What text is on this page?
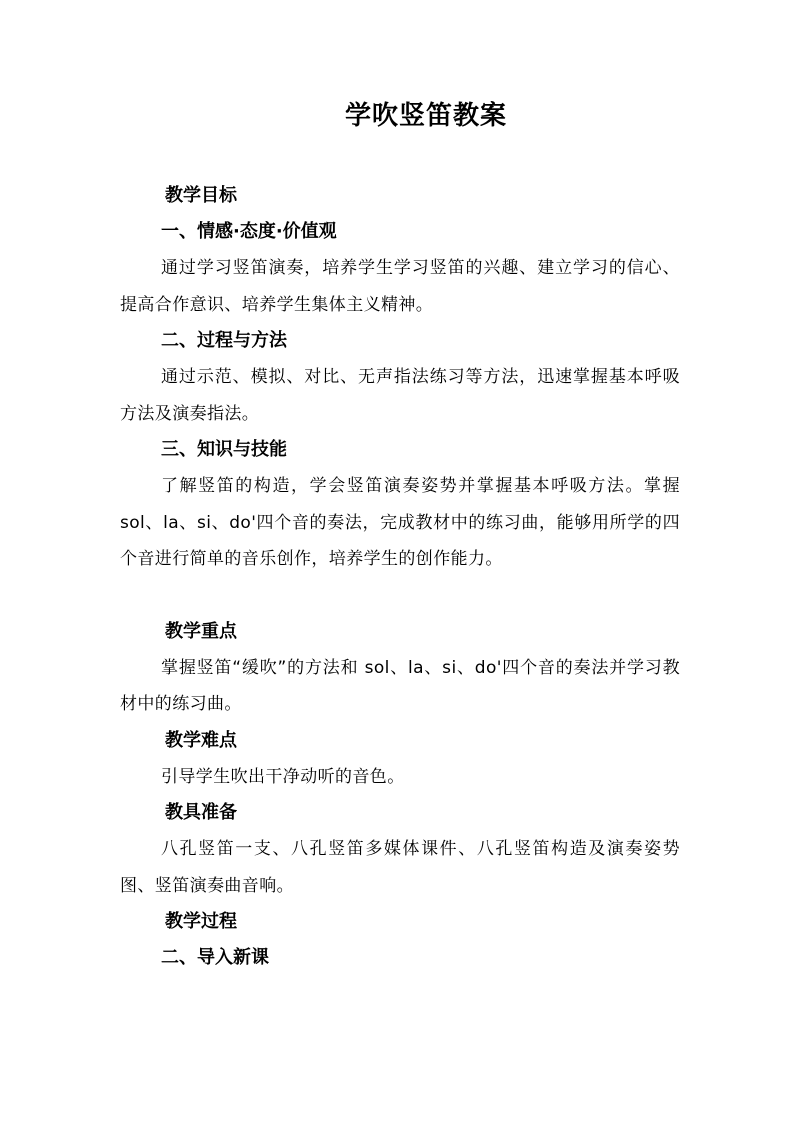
学吹竖笛教案

教学目标

一、情感·态度·价值观

通过学习竖笛演奏，培养学生学习竖笛的兴趣、建立学习的信心、提高合作意识、培养学生集体主义精神。

二、过程与方法

通过示范、模拟、对比、无声指法练习等方法，迅速掌握基本呼吸方法及演奏指法。

三、知识与技能

了解竖笛的构造，学会竖笛演奏姿势并掌握基本呼吸方法。掌握 sol、la、si、do'四个音的奏法，完成教材中的练习曲，能够用所学的四个音进行简单的音乐创作，培养学生的创作能力。

教学重点

掌握竖笛“缓吹”的方法和 sol、la、si、do'四个音的奏法并学习教材中的练习曲。

教学难点

引导学生吹出干净动听的音色。

教具准备

八孔竖笛一支、八孔竖笛多媒体课件、八孔竖笛构造及演奏姿势图、竖笛演奏曲音响。

教学过程

二、导入新课
